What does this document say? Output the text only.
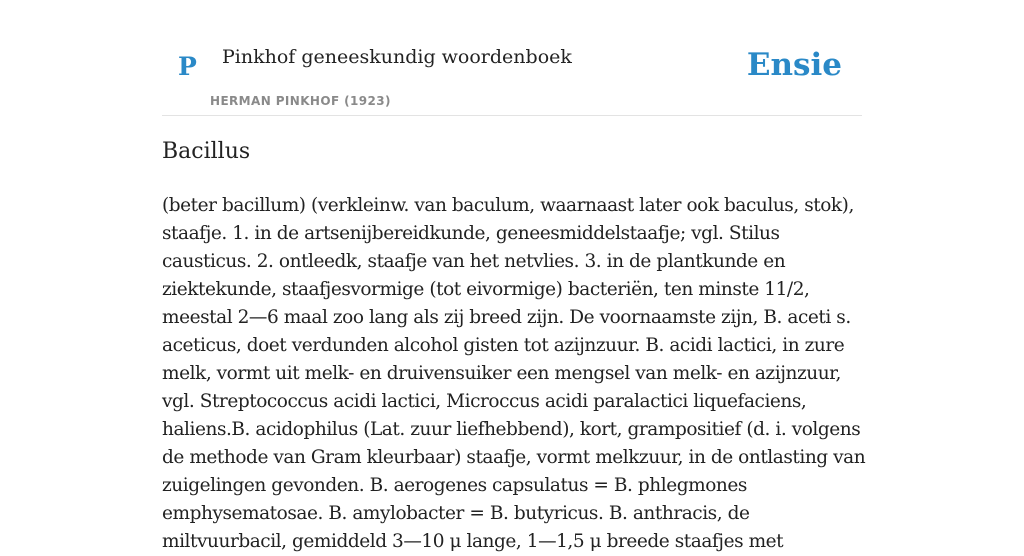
P Pinkhof geneeskundig woordenboek
HERMAN PINKHOF (1923)
Ensie
Bacillus

(beter bacillum) (verkleinw. van baculum, waarnaast later ook baculus, stok), staafje. 1. in de artsenijbereidkunde, geneesmiddelstaafje; vgl. Stilus causticus. 2. ontleedk, staafje van het netvlies. 3. in de plantkunde en ziektekunde, staafjesvormige (tot eivormige) bacteriën, ten minste 11/2, meestal 2—6 maal zoo lang als zij breed zijn. De voornaamste zijn, B. aceti s. aceticus, doet verdunden alcohol gisten tot azijnzuur. B. acidi lactici, in zure melk, vormt uit melk- en druivensuiker een mengsel van melk- en azijnzuur, vgl. Streptococcus acidi lactici, Microccus acidi paralactici liquefaciens, haliens.B. acidophilus (Lat. zuur liefhebbend), kort, grampositief (d. i. volgens de methode van Gram kleurbaar) staafje, vormt melkzuur, in de ontlasting van zuigelingen gevonden. B. aerogenes capsulatus = B. phlegmones emphysematosae. B. amylobacter = B. butyricus. B. anthracis, de miltvuurbacil, gemiddeld 3—10 μ lange, 1—1,5 μ breede staafjes met
